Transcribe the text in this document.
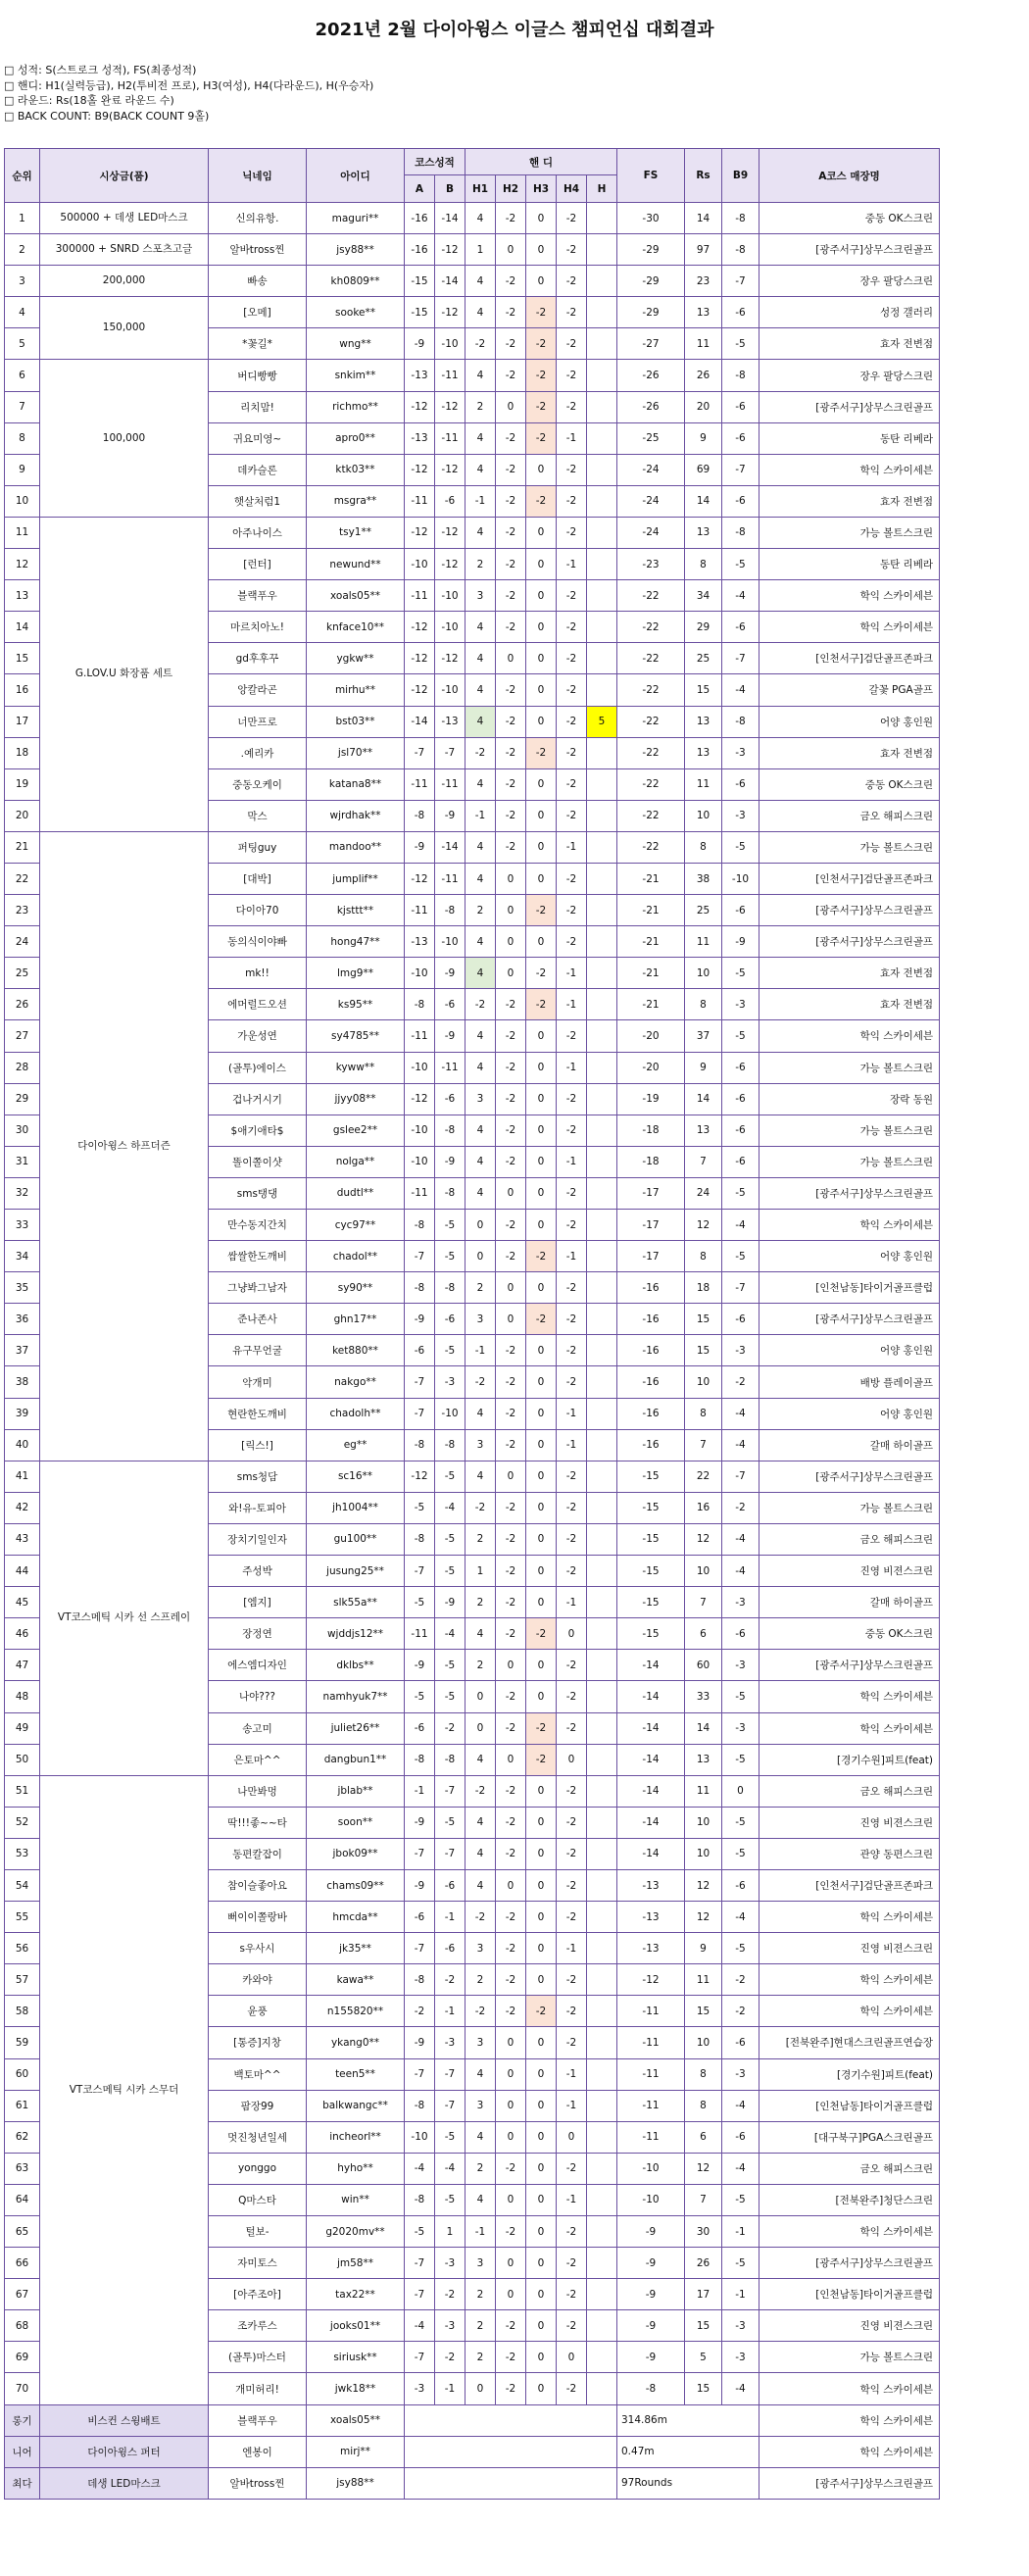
2021년 2월 다이아윙스 이글스 챔피언십 대회결과
□ 성적: S(스트로크 성적), FS(최종성적)
□ 핸디: H1(실력등급), H2(투비전 프로), H3(여성), H4(다라운드), H(우승자)
□ 라운드: Rs(18홀 완료 라운드 수)
□ BACK COUNT: B9(BACK COUNT 9홀)
순위	시상금(품)	닉네임	아이디	코스성적		핸 디					FS	Rs	B9	A코스 매장명
				A	B	H1	H2	H3	H4	H				
1	500000 + 데생 LED마스크	신의유항.	maguri**	-16	-14	4	-2	0	-2		-30	14	-8	중동 OK스크린
2	300000 + SNRD 스포츠고글	알바tross찐	jsy88**	-16	-12	1	0	0	-2		-29	97	-8	[광주서구]상무스크린골프
3	200,000	빠송	kh0809**	-15	-14	4	-2	0	-2		-29	23	-7	장우 팔당스크린
4	150,000	[오메]	sooke**	-15	-12	4	-2	-2	-2		-29	13	-6	성정 갤러리
5		*꽃길*	wng**	-9	-10	-2	-2	-2	-2		-27	11	-5	효자 전변점
6	100,000	버디빵빵	snkim**	-13	-11	4	-2	-2	-2		-26	26	-8	장우 팔당스크린
7		리치맘!	richmo**	-12	-12	2	0	-2	-2		-26	20	-6	[광주서구]상무스크린골프
8		귀요미영~	apro0**	-13	-11	4	-2	-2	-1		-25	9	-6	동탄 리베라
9		데카슬론	ktk03**	-12	-12	4	-2	0	-2		-24	69	-7	학익 스카이세븐
10		햇살처럼1	msgra**	-11	-6	-1	-2	-2	-2		-24	14	-6	효자 전변점
11	G.LOV.U 화장품 세트	아주나이스	tsy1**	-12	-12	4	-2	0	-2		-24	13	-8	가능 볼트스크린
12		[런터]	newund**	-10	-12	2	-2	0	-1		-23	8	-5	동탄 리베라
13		블랙푸우	xoals05**	-11	-10	3	-2	0	-2		-22	34	-4	학익 스카이세븐
14		마르치아노!	knface10**	-12	-10	4	-2	0	-2		-22	29	-6	학익 스카이세븐
15		gd후후꾸	ygkw**	-12	-12	4	0	0	-2		-22	25	-7	[인천서구]검단골프존파크
16		앙칼라곤	mirhu**	-12	-10	4	-2	0	-2		-22	15	-4	갈꽃 PGA골프
17		너만프로	bst03**	-14	-13	4	-2	0	-2	5	-22	13	-8	어양 홍인원
18		.예리카	jsl70**	-7	-7	-2	-2	-2	-2		-22	13	-3	효자 전변점
19		중동오케이	katana8**	-11	-11	4	-2	0	-2		-22	11	-6	중동 OK스크린
20		막스	wjrdhak**	-8	-9	-1	-2	0	-2		-22	10	-3	금오 해피스크린
21	다이아윙스 하프더즌	퍼팅guy	mandoo**	-9	-14	4	-2	0	-1		-22	8	-5	가능 볼트스크린
22		[대박]	jumplif**	-12	-11	4	0	0	-2		-21	38	-10	[인천서구]검단골프존파크
23		다이아70	kjsttt**	-11	-8	2	0	-2	-2		-21	25	-6	[광주서구]상무스크린골프
24		동의식이야빠	hong47**	-13	-10	4	0	0	-2		-21	11	-9	[광주서구]상무스크린골프
25		mk!!	lmg9**	-10	-9	4	0	-2	-1		-21	10	-5	효자 전변점
26		에머럴드오션	ks95**	-8	-6	-2	-2	-2	-1		-21	8	-3	효자 전변점
27		가운성연	sy4785**	-11	-9	4	-2	0	-2		-20	37	-5	학익 스카이세븐
28		(골투)에이스	kyww**	-10	-11	4	-2	0	-1		-20	9	-6	가능 볼트스크린
29		겁나거시기	jjyy08**	-12	-6	3	-2	0	-2		-19	14	-6	장락 동원
30		$애기애타$	gslee2**	-10	-8	4	-2	0	-2		-18	13	-6	가능 볼트스크린
31		똘이쫄이샷	nolga**	-10	-9	4	-2	0	-1		-18	7	-6	가능 볼트스크린
32		sms탱댕	dudtl**	-11	-8	4	0	0	-2		-17	24	-5	[광주서구]상무스크린골프
33		만수동지간치	cyc97**	-8	-5	0	-2	0	-2		-17	12	-4	학익 스카이세븐
34		쌈쌀한도깨비	chadol**	-7	-5	0	-2	-2	-1		-17	8	-5	어양 홍인원
35		그냥봐그남자	sy90**	-8	-8	2	0	0	-2		-16	18	-7	[인천남동]타이거골프클럽
36		준나존사	ghn17**	-9	-6	3	0	-2	-2		-16	15	-6	[광주서구]상무스크린골프
37		유구무언굴	ket880**	-6	-5	-1	-2	0	-2		-16	15	-3	어양 홍인원
38		악개미	nakgo**	-7	-3	-2	-2	0	-2		-16	10	-2	배방 플레이골프
39		현란한도깨비	chadolh**	-7	-10	4	-2	0	-1		-16	8	-4	어양 홍인원
40		[릭스!]	eg**	-8	-8	3	-2	0	-1		-16	7	-4	갈매 하이골프
41	VT코스메틱 시카 선 스프레이	sms청담	sc16**	-12	-5	4	0	0	-2		-15	22	-7	[광주서구]상무스크린골프
42		와!유-토피아	jh1004**	-5	-4	-2	-2	0	-2		-15	16	-2	가능 볼트스크린
43		장치기일인자	gu100**	-8	-5	2	-2	0	-2		-15	12	-4	금오 해피스크린
44		주성박	jusung25**	-7	-5	1	-2	0	-2		-15	10	-4	진영 비젼스크린
45		[엠지]	slk55a**	-5	-9	2	-2	0	-1		-15	7	-3	갈매 하이골프
46		장정연	wjddjs12**	-11	-4	4	-2	-2	0		-15	6	-6	중동 OK스크린
47		에스엠디자인	dklbs**	-9	-5	2	0	0	-2		-14	60	-3	[광주서구]상무스크린골프
48		나야???	namhyuk7**	-5	-5	0	-2	0	-2		-14	33	-5	학익 스카이세븐
49		송고미	juliet26**	-6	-2	0	-2	-2	-2		-14	14	-3	학익 스카이세븐
50		은토마^^	dangbun1**	-8	-8	4	0	-2	0		-14	13	-5	[경기수원]피트(feat)
51	VT코스메틱 시카 스무더	나만봐멍	jblab**	-1	-7	-2	-2	0	-2		-14	11	0	금오 해피스크린
52		딱!!!좋~~타	soon**	-9	-5	4	-2	0	-2		-14	10	-5	진영 비젼스크린
53		동편칼잡이	jbok09**	-7	-7	4	-2	0	-2		-14	10	-5	관양 동편스크린
54		참이슬좋아요	chams09**	-9	-6	4	0	0	-2		-13	12	-6	[인천서구]검단골프존파크
55		뻐이이쫄랑바	hmcda**	-6	-1	-2	-2	0	-2		-13	12	-4	학익 스카이세븐
56		s우사시	jk35**	-7	-6	3	-2	0	-1		-13	9	-5	진영 비젼스크린
57		카와야	kawa**	-8	-2	2	-2	0	-2		-12	11	-2	학익 스카이세븐
58		윤풍	n155820**	-2	-1	-2	-2	-2	-2		-11	15	-2	학익 스카이세븐
59		[통증]지창	ykang0**	-9	-3	3	0	0	-2		-11	10	-6	[전북완주]현대스크린골프연습장
60		백토마^^	teen5**	-7	-7	4	0	0	-1		-11	8	-3	[경기수원]피트(feat)
61		팜장99	balkwangc**	-8	-7	3	0	0	-1		-11	8	-4	[인천남동]타이거골프클럽
62		멋진청년일세	incheorl**	-10	-5	4	0	0	0		-11	6	-6	[대구북구]PGA스크린골프
63		yonggo	hyho**	-4	-4	2	-2	0	-2		-10	12	-4	금오 해피스크린
64		Q마스타	win**	-8	-5	4	0	0	-1		-10	7	-5	[전북완주]청단스크린
65		털보-	g2020mv**	-5	1	-1	-2	0	-2		-9	30	-1	학익 스카이세븐
66		자미토스	jm58**	-7	-3	3	0	0	-2		-9	26	-5	[광주서구]상무스크린골프
67		[아주조아]	tax22**	-7	-2	2	0	0	-2		-9	17	-1	[인천남동]타이거골프클럽
68		조카루스	jooks01**	-4	-3	2	-2	0	-2		-9	15	-3	진영 비젼스크린
69		(골투)마스터	siriusk**	-7	-2	2	-2	0	0		-9	5	-3	가능 볼트스크린
70		개미허리!	jwk18**	-3	-1	0	-2	0	-2		-8	15	-4	학익 스카이세븐
롱기	비스컨 스윙배트	블랙푸우	xoals05**								314.86m			학익 스카이세븐
니어	다이아윙스 퍼터	엔봉이	mirj**								0.47m			학익 스카이세븐
최다	데생 LED마스크	알바tross찐	jsy88**								97Rounds			[광주서구]상무스크린골프
